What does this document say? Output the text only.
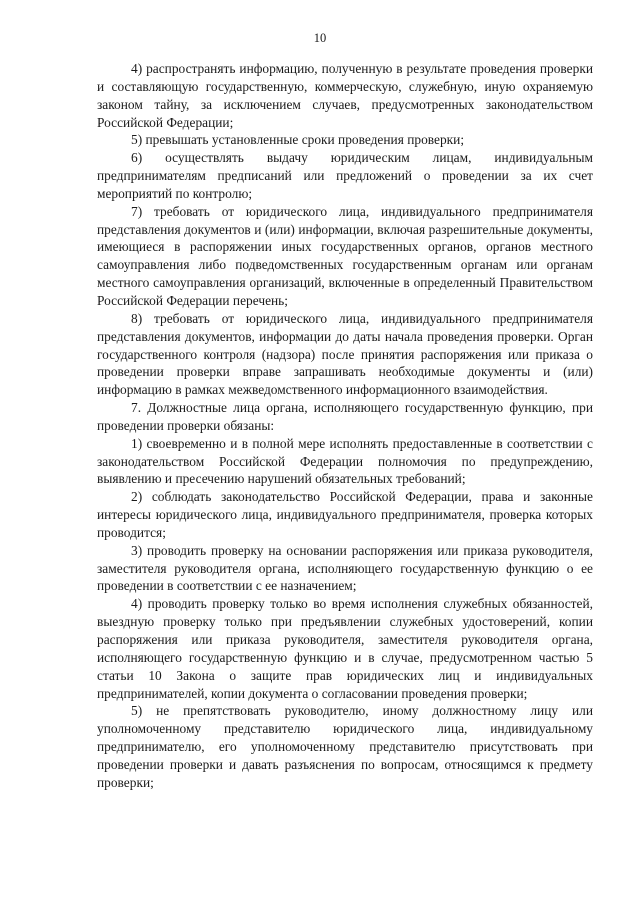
10

4) распространять информацию, полученную в результате проведения проверки и составляющую государственную, коммерческую, служебную, иную охраняемую законом тайну, за исключением случаев, предусмотренных законодательством Российской Федерации;

5) превышать установленные сроки проведения проверки;

6) осуществлять выдачу юридическим лицам, индивидуальным предпринимателям предписаний или предложений о проведении за их счет мероприятий по контролю;

7) требовать от юридического лица, индивидуального предпринимателя представления документов и (или) информации, включая разрешительные документы, имеющиеся в распоряжении иных государственных органов, органов местного самоуправления либо подведомственных государственным органам или органам местного самоуправления организаций, включенные в определенный Правительством Российской Федерации перечень;

8) требовать от юридического лица, индивидуального предпринимателя представления документов, информации до даты начала проведения проверки. Орган государственного контроля (надзора) после принятия распоряжения или приказа о проведении проверки вправе запрашивать необходимые документы и (или) информацию в рамках межведомственного информационного взаимодействия.

7. Должностные лица органа, исполняющего государственную функцию, при проведении проверки обязаны:

1) своевременно и в полной мере исполнять предоставленные в соответствии с законодательством Российской Федерации полномочия по предупреждению, выявлению и пресечению нарушений обязательных требований;

2) соблюдать законодательство Российской Федерации, права и законные интересы юридического лица, индивидуального предпринимателя, проверка которых проводится;

3) проводить проверку на основании распоряжения или приказа руководителя, заместителя руководителя органа, исполняющего государственную функцию о ее проведении в соответствии с ее назначением;

4) проводить проверку только во время исполнения служебных обязанностей, выездную проверку только при предъявлении служебных удостоверений, копии распоряжения или приказа руководителя, заместителя руководителя органа, исполняющего государственную функцию и в случае, предусмотренном частью 5 статьи 10 Закона о защите прав юридических лиц и индивидуальных предпринимателей, копии документа о согласовании проведения проверки;

5) не препятствовать руководителю, иному должностному лицу или уполномоченному представителю юридического лица, индивидуальному предпринимателю, его уполномоченному представителю присутствовать при проведении проверки и давать разъяснения по вопросам, относящимся к предмету проверки;
